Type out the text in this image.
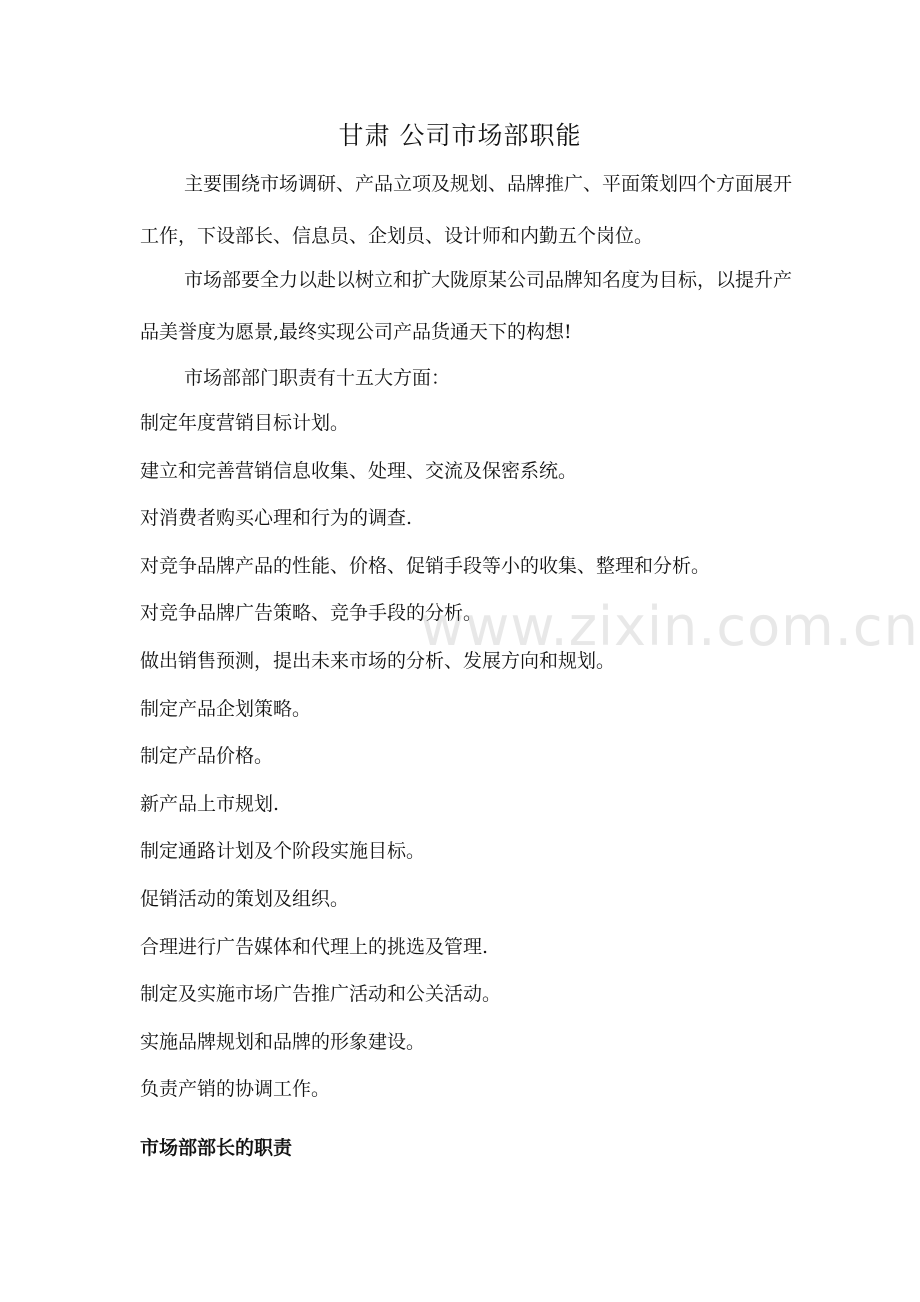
甘肃 公司市场部职能

主要围绕市场调研、产品立项及规划、品牌推广、平面策划四个方面展开工作，下设部长、信息员、企划员、设计师和内勤五个岗位。

市场部要全力以赴以树立和扩大陇原某公司品牌知名度为目标，以提升产品美誉度为愿景,最终实现公司产品货通天下的构想!

市场部部门职责有十五大方面：

制定年度营销目标计划。
建立和完善营销信息收集、处理、交流及保密系统。
对消费者购买心理和行为的调查.
对竞争品牌产品的性能、价格、促销手段等小的收集、整理和分析。
对竞争品牌广告策略、竞争手段的分析。
做出销售预测，提出未来市场的分析、发展方向和规划。
制定产品企划策略。
制定产品价格。
新产品上市规划.
制定通路计划及个阶段实施目标。
促销活动的策划及组织。
合理进行广告媒体和代理上的挑选及管理.
制定及实施市场广告推广活动和公关活动。
实施品牌规划和品牌的形象建设。
负责产销的协调工作。
市场部部长的职责
www.zixin.com.cn
